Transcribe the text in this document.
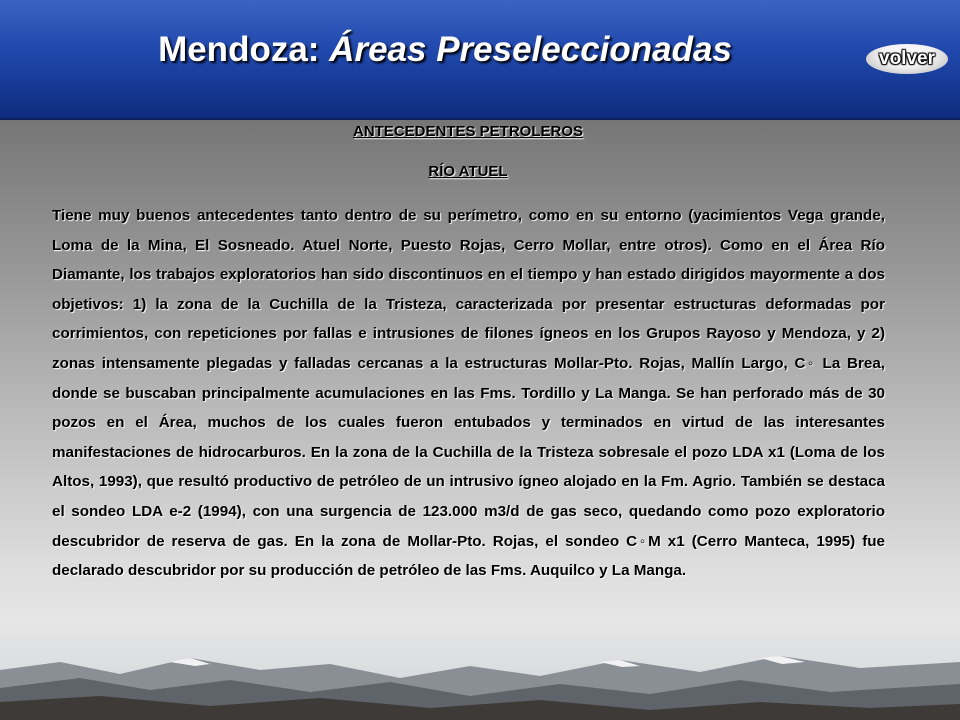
Mendoza: Áreas Preseleccionadas	volver
ANTECEDENTES PETROLEROS
RÍO ATUEL
Tiene muy buenos antecedentes tanto dentro de su perímetro, como en su entorno (yacimientos Vega grande, Loma de la Mina, El Sosneado. Atuel Norte, Puesto Rojas, Cerro Mollar, entre otros). Como en el Área Río Diamante, los trabajos exploratorios han sido discontinuos en el tiempo y han estado dirigidos mayormente a dos objetivos: 1) la zona de la Cuchilla de la Tristeza, caracterizada por presentar estructuras deformadas por corrimientos, con repeticiones por fallas e intrusiones de filones ígneos en los Grupos Rayoso y Mendoza, y 2) zonas intensamente plegadas y falladas cercanas a la estructuras Mollar-Pto. Rojas, Mallín Largo, C◦ La Brea, donde se buscaban principalmente acumulaciones en las Fms. Tordillo y La Manga. Se han perforado más de 30 pozos en el Área, muchos de los cuales fueron entubados y terminados en virtud de las interesantes manifestaciones de hidrocarburos. En la zona de la Cuchilla de la Tristeza sobresale el pozo LDA x1 (Loma de los Altos, 1993), que resultó productivo de petróleo de un intrusivo ígneo alojado en la Fm. Agrio. También se destaca el sondeo LDA e-2 (1994), con una surgencia de 123.000 m3/d de gas seco, quedando como pozo exploratorio descubridor de reserva de gas. En la zona de Mollar-Pto. Rojas, el sondeo C◦M x1 (Cerro Manteca, 1995) fue declarado descubridor por su producción de petróleo de las Fms. Auquilco y La Manga.
